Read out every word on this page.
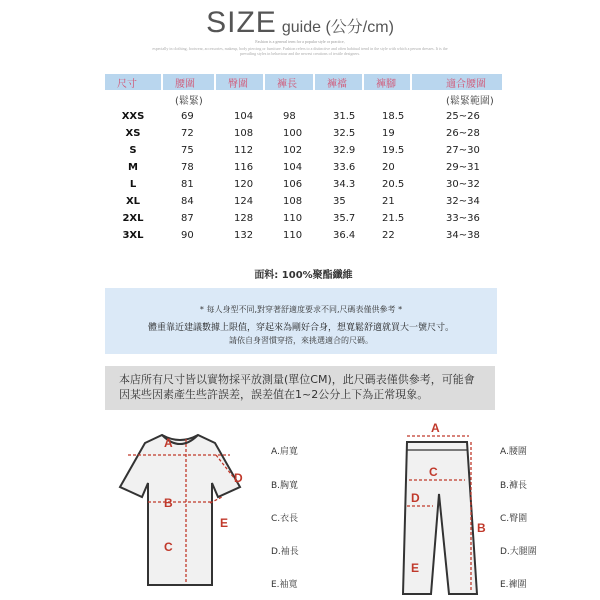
SIZE guide (公分/cm)
Fashion is a general term for a popular style or practice,
especially in clothing, footwear, accessories, makeup, body piercing or furniture. Fashion refers to a distinctive and often habitual trend in the style with which a person dresses. It is the prevailing styles in behaviour and the newest creations of textile designers.
尺寸	腰圍	臀圍	褲長	褲襠	褲腳	適合腰圍
	(鬆緊)					(鬆緊範圍)
XXS	69	104	98	31.5	18.5	25~26
XS	72	108	100	32.5	19	26~28
S	75	112	102	32.9	19.5	27~30
M	78	116	104	33.6	20	29~31
L	81	120	106	34.3	20.5	30~32
XL	84	124	108	35	21	32~34
2XL	87	128	110	35.7	21.5	33~36
3XL	90	132	110	36.4	22	34~38

面料: 100%聚酯纖維						
* 每人身型不同,對穿著舒適度要求不同,尺碼表僅供參考 *
體重靠近建議數據上限值，穿起來為剛好合身，想寬鬆舒適就買大一號尺寸。
請依自身習慣穿搭，來挑選適合的尺碼。
本店所有尺寸皆以實物採平放測量(單位CM)，此尺碼表僅供參考，可能會
因某些因素產生些許誤差，誤差值在1~2公分上下為正常現象。
A
B
C
D
E
A.肩寬
B.胸寬
C.衣長
D.袖長
E.袖寬
A
C
D
B
E
A.腰圍
B.褲長
C.臀圍
D.大腿圍
E.褲圍
